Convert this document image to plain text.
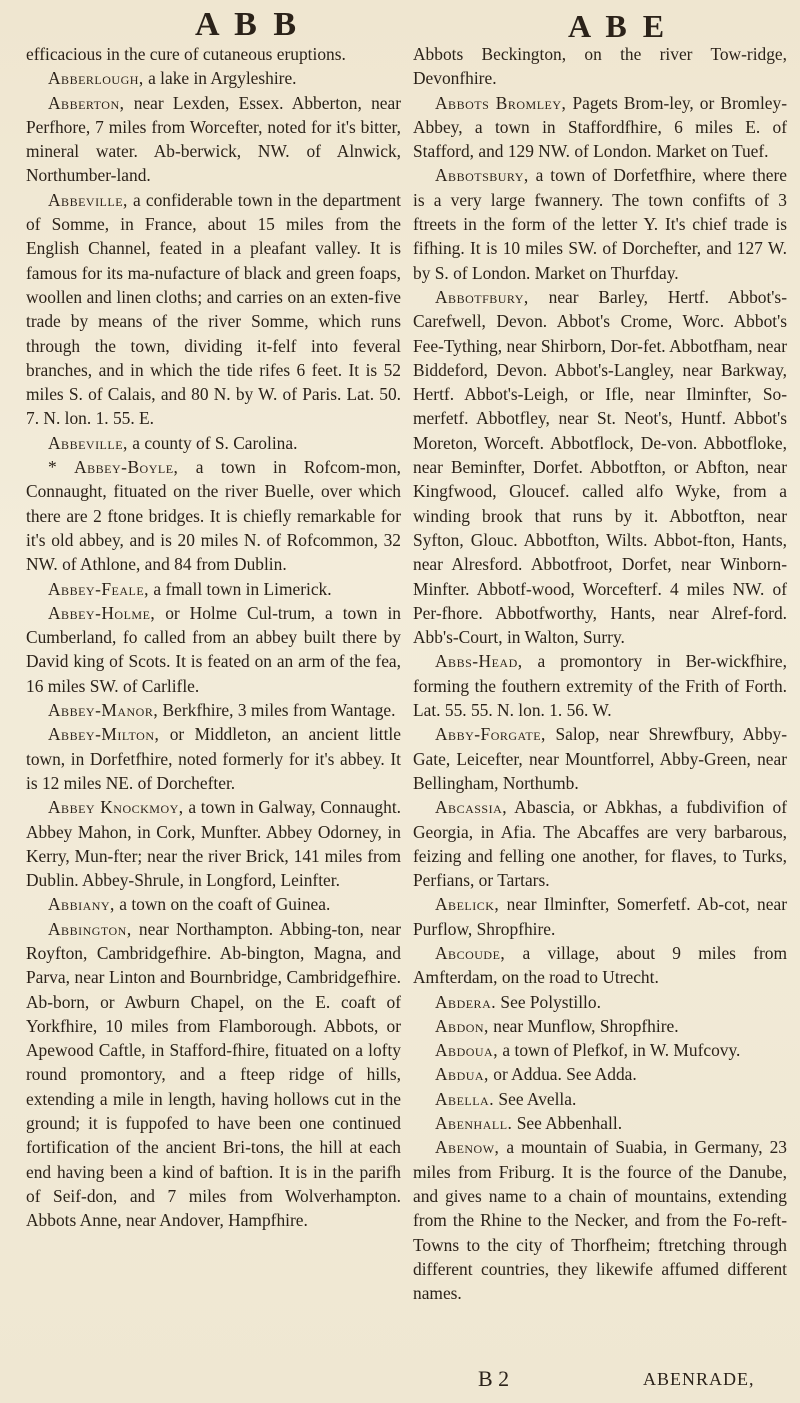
A B B	A B E

efficacious in the cure of cutaneous eruptions.

Abberlough, a lake in Argyleshire.

Abberton, near Lexden, Essex. Abberton, near Perfhore, 7 miles from Worcefter, noted for it's bitter, mineral water. Ab-berwick, NW. of Alnwick, Northumber-land.

Abbeville, a confiderable town in the department of Somme, in France, about 15 miles from the English Channel, feated in a pleafant valley. It is famous for its ma-nufacture of black and green foaps, woollen and linen cloths; and carries on an exten-five trade by means of the river Somme, which runs through the town, dividing it-felf into feveral branches, and in which the tide rifes 6 feet. It is 52 miles S. of Calais, and 80 N. by W. of Paris. Lat. 50. 7. N. lon. 1. 55. E.

Abbeville, a county of S. Carolina.

* Abbey-Boyle, a town in Rofcom-mon, Connaught, fituated on the river Buelle, over which there are 2 ftone bridges. It is chiefly remarkable for it's old abbey, and is 20 miles N. of Rofcommon, 32 NW. of Athlone, and 84 from Dublin.

Abbey-Feale, a fmall town in Limerick.

Abbey-Holme, or Holme Cul-trum, a town in Cumberland, fo called from an abbey built there by David king of Scots. It is feated on an arm of the fea, 16 miles SW. of Carlifle.

Abbey-Manor, Berkfhire, 3 miles from Wantage.

Abbey-Milton, or Middleton, an ancient little town, in Dorfetfhire, noted formerly for it's abbey. It is 12 miles NE. of Dorchefter.

Abbey Knockmoy, a town in Galway, Connaught. Abbey Mahon, in Cork, Munfter. Abbey Odorney, in Kerry, Mun-fter; near the river Brick, 141 miles from Dublin. Abbey-Shrule, in Longford, Leinfter.

Abbiany, a town on the coaft of Guinea.

Abbington, near Northampton. Abbing-ton, near Royfton, Cambridgefhire. Ab-bington, Magna, and Parva, near Linton and Bournbridge, Cambridgefhire. Ab-born, or Awburn Chapel, on the E. coaft of Yorkfhire, 10 miles from Flamborough. Abbots, or Apewood Caftle, in Stafford-fhire, fituated on a lofty round promontory, and a fteep ridge of hills, extending a mile in length, having hollows cut in the ground; it is fuppofed to have been one continued fortification of the ancient Bri-tons, the hill at each end having been a kind of baftion. It is in the parifh of Seif-don, and 7 miles from Wolverhampton. Abbots Anne, near Andover, Hampfhire.

Abbots Beckington, on the river Tow-ridge, Devonfhire.

Abbots Bromley, Pagets Brom-ley, or Bromley-Abbey, a town in Staffordfhire, 6 miles E. of Stafford, and 129 NW. of London. Market on Tuef.

Abbotsbury, a town of Dorfetfhire, where there is a very large fwannery. The town confifts of 3 ftreets in the form of the letter Y. It's chief trade is fifhing. It is 10 miles SW. of Dorchefter, and 127 W. by S. of London. Market on Thurfday.

Abbotfbury, near Barley, Hertf. Abbot's-Carefwell, Devon. Abbot's Crome, Worc. Abbot's Fee-Tything, near Shirborn, Dor-fet. Abbotfham, near Biddeford, Devon. Abbot's-Langley, near Barkway, Hertf. Abbot's-Leigh, or Ifle, near Ilminfter, So-merfetf. Abbotfley, near St. Neot's, Huntf. Abbot's Moreton, Worceft. Abbotflock, De-von. Abbotfloke, near Beminfter, Dorfet. Abbotfton, or Abfton, near Kingfwood, Gloucef. called alfo Wyke, from a winding brook that runs by it. Abbotfton, near Syfton, Glouc. Abbotfton, Wilts. Abbot-fton, Hants, near Alresford. Abbotfroot, Dorfet, near Winborn-Minfter. Abbotf-wood, Worcefterf. 4 miles NW. of Per-fhore. Abbotfworthy, Hants, near Alref-ford. Abb's-Court, in Walton, Surry.

Abbs-Head, a promontory in Ber-wickfhire, forming the fouthern extremity of the Frith of Forth. Lat. 55. 55. N. lon. 1. 56. W.

Abby-Forgate, Salop, near Shrewfbury, Abby-Gate, Leicefter, near Mountforrel, Abby-Green, near Bellingham, Northumb.

Abcassia, Abascia, or Abkhas, a fubdivifion of Georgia, in Afia. The Abcaffes are very barbarous, feizing and felling one another, for flaves, to Turks, Perfians, or Tartars.

Abelick, near Ilminfter, Somerfetf. Ab-cot, near Purflow, Shropfhire.

Abcoude, a village, about 9 miles from Amfterdam, on the road to Utrecht.

Abdera. See Polystillo.

Abdon, near Munflow, Shropfhire.

Abdoua, a town of Plefkof, in W. Mufcovy.

Abdua, or Addua. See Adda.

Abella. See Avella.

Abenhall. See Abbenhall.

Abenow, a mountain of Suabia, in Germany, 23 miles from Friburg. It is the fource of the Danube, and gives name to a chain of mountains, extending from the Rhine to the Necker, and from the Fo-reft-Towns to the city of Thorfheim; ftretching through different countries, they likewife affumed different names.

B 2	ABENRADE,
